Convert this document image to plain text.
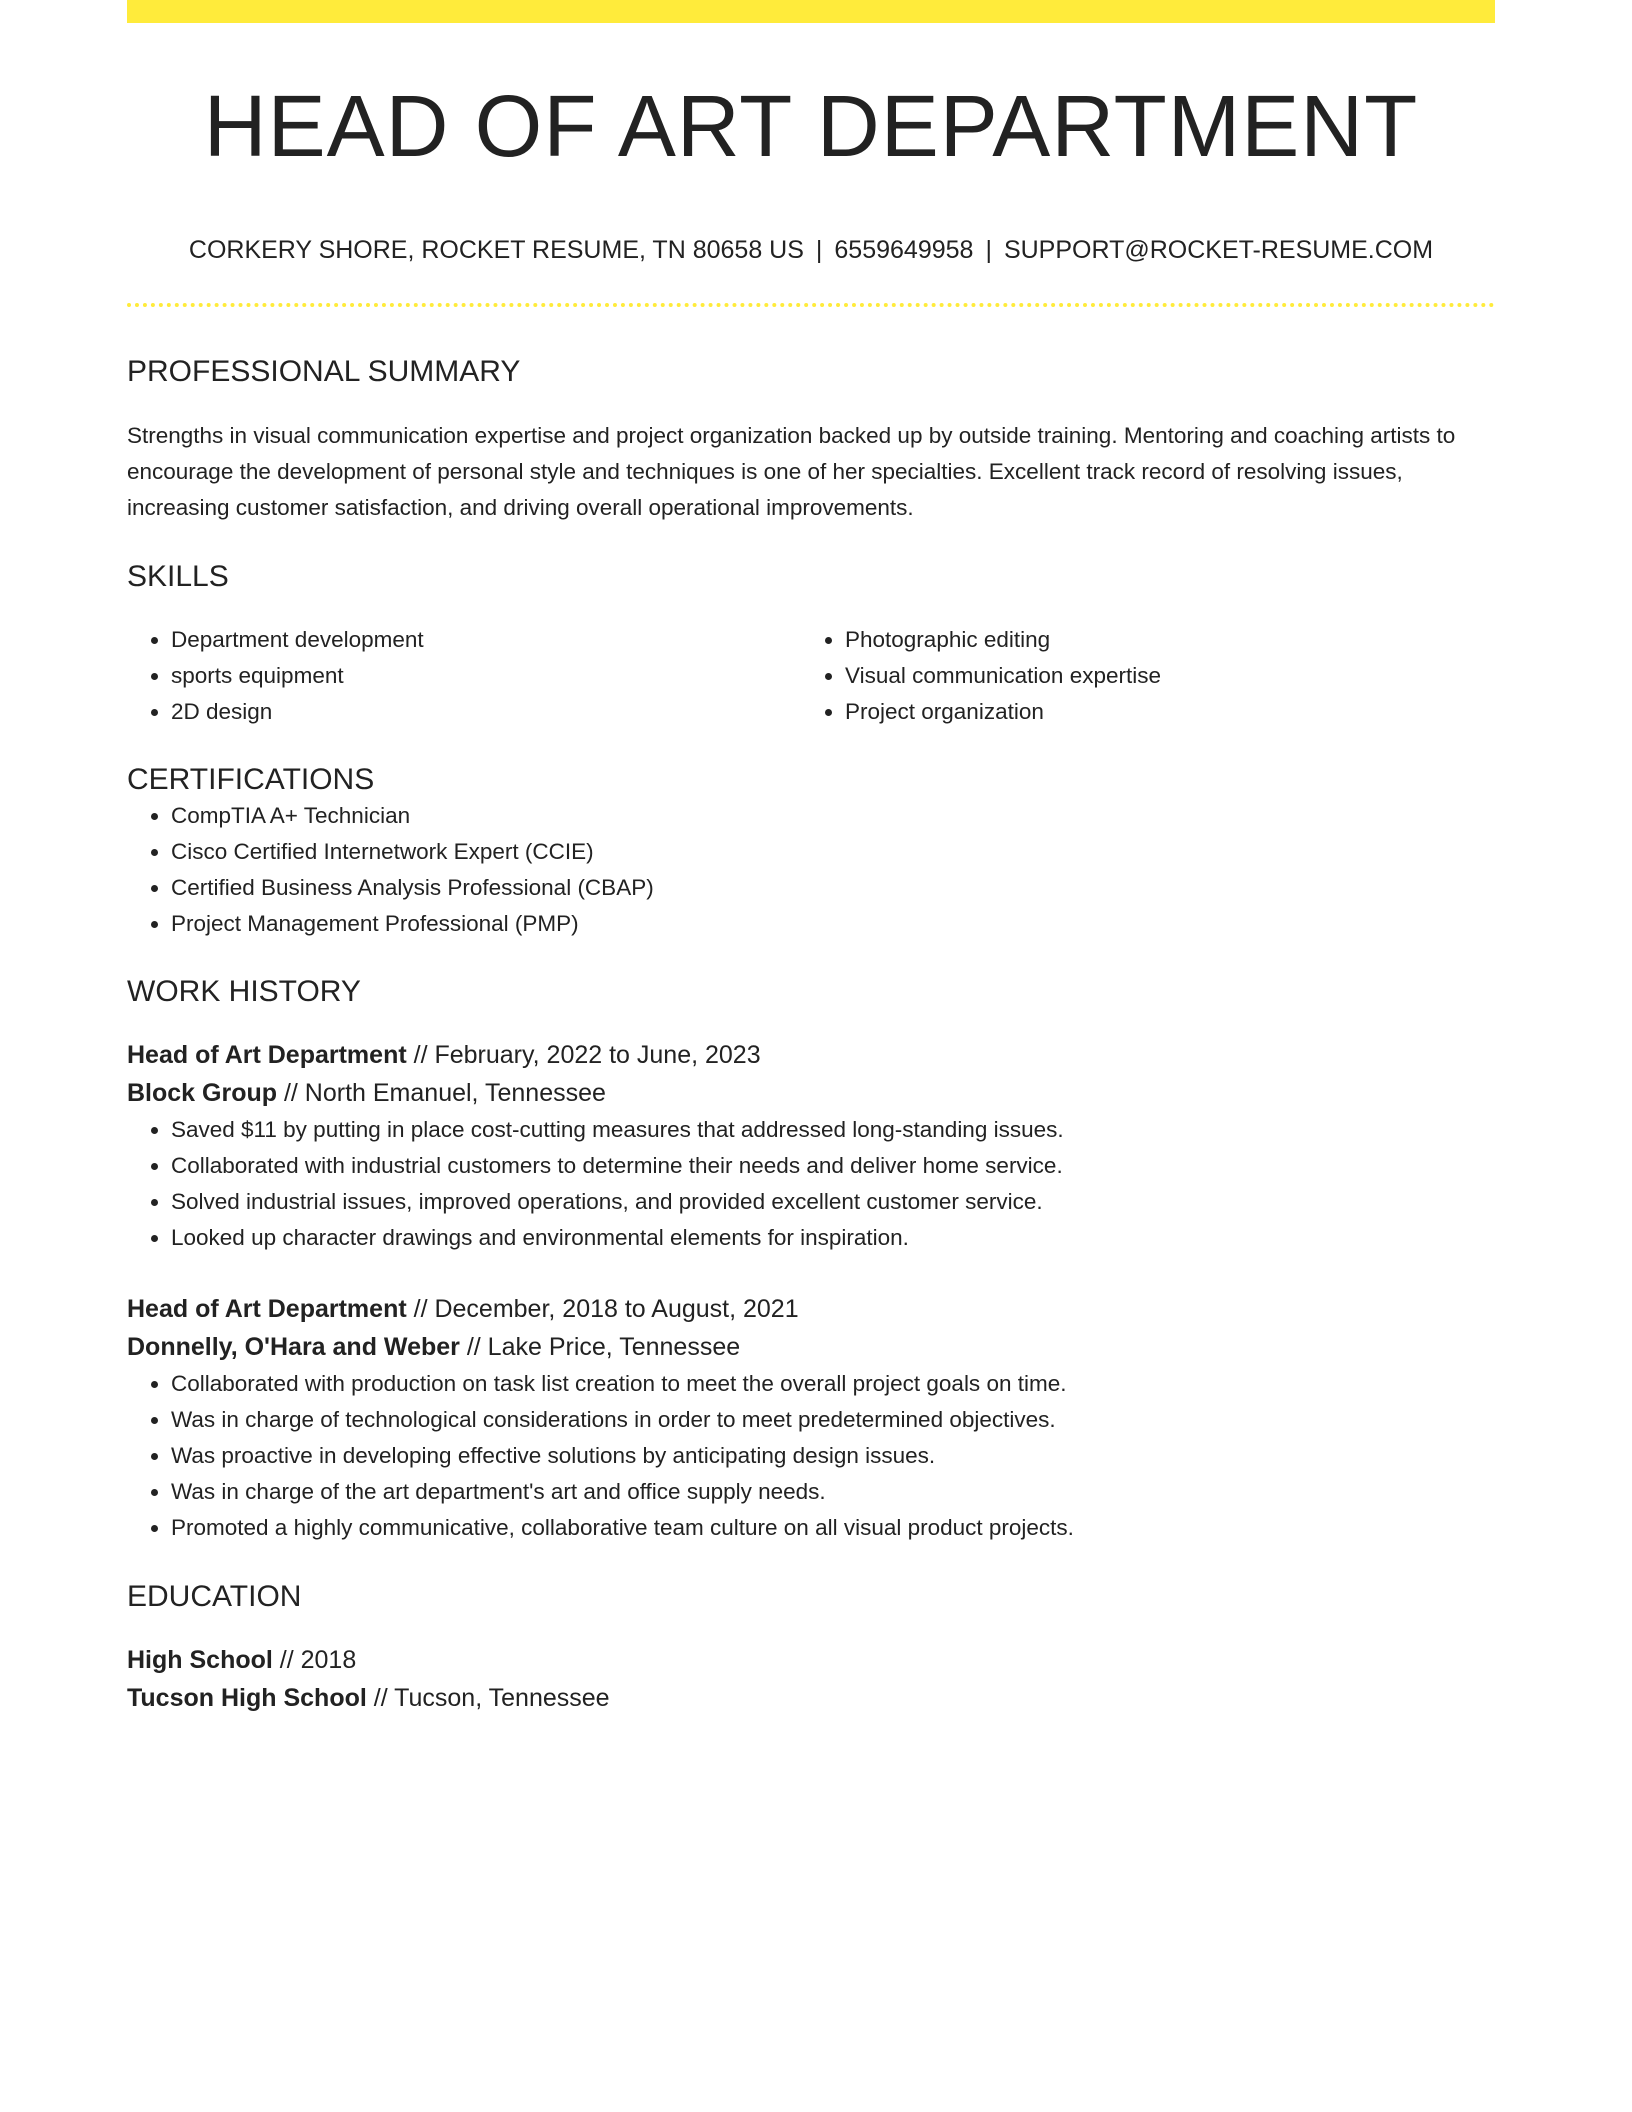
HEAD OF ART DEPARTMENT
CORKERY SHORE, ROCKET RESUME, TN 80658 US | 6559649958 | SUPPORT@ROCKET-RESUME.COM
PROFESSIONAL SUMMARY
Strengths in visual communication expertise and project organization backed up by outside training. Mentoring and coaching artists to encourage the development of personal style and techniques is one of her specialties. Excellent track record of resolving issues, increasing customer satisfaction, and driving overall operational improvements.
SKILLS
• Department development
• sports equipment
• 2D design
• Photographic editing
• Visual communication expertise
• Project organization
CERTIFICATIONS
• CompTIA A+ Technician
• Cisco Certified Internetwork Expert (CCIE)
• Certified Business Analysis Professional (CBAP)
• Project Management Professional (PMP)
WORK HISTORY
Head of Art Department // February, 2022 to June, 2023
Block Group // North Emanuel, Tennessee
• Saved $11 by putting in place cost-cutting measures that addressed long-standing issues.
• Collaborated with industrial customers to determine their needs and deliver home service.
• Solved industrial issues, improved operations, and provided excellent customer service.
• Looked up character drawings and environmental elements for inspiration.
Head of Art Department // December, 2018 to August, 2021
Donnelly, O'Hara and Weber // Lake Price, Tennessee
• Collaborated with production on task list creation to meet the overall project goals on time.
• Was in charge of technological considerations in order to meet predetermined objectives.
• Was proactive in developing effective solutions by anticipating design issues.
• Was in charge of the art department's art and office supply needs.
• Promoted a highly communicative, collaborative team culture on all visual product projects.
EDUCATION
High School // 2018
Tucson High School // Tucson, Tennessee
